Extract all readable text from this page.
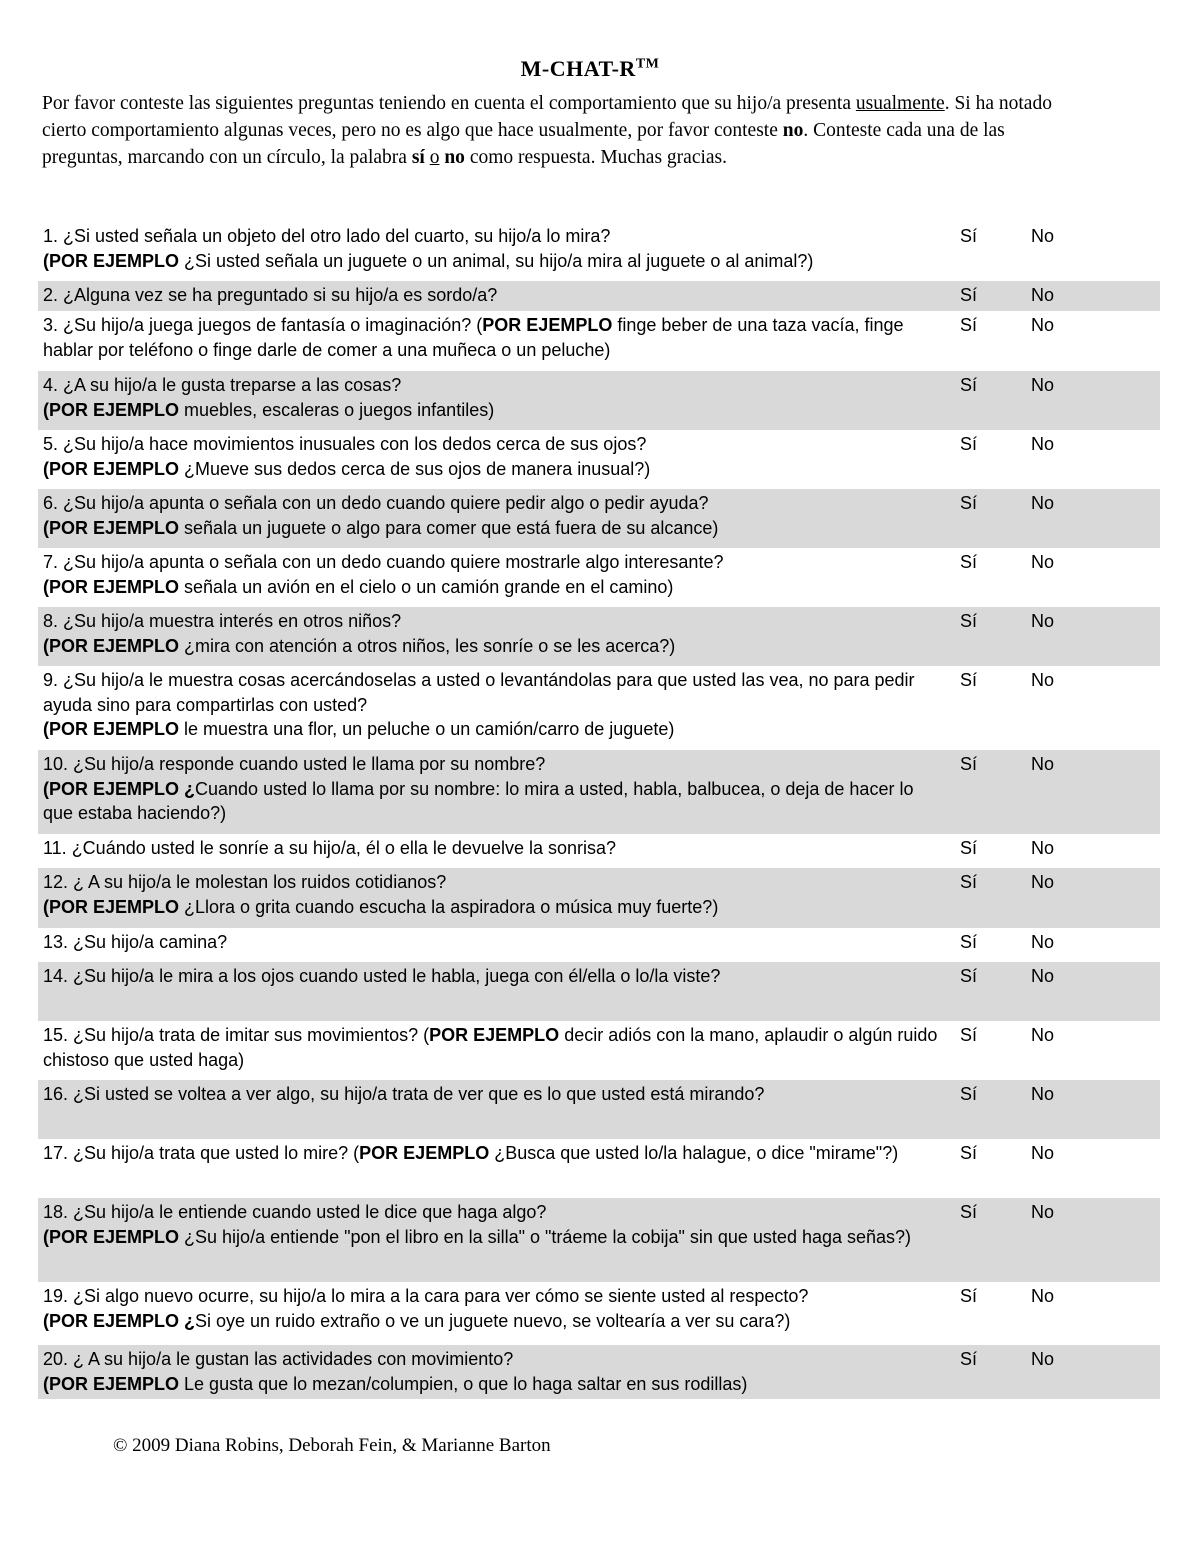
M-CHAT-R™
Por favor conteste las siguientes preguntas teniendo en cuenta el comportamiento que su hijo/a presenta usualmente. Si ha notado cierto comportamiento algunas veces, pero no es algo que hace usualmente, por favor conteste no. Conteste cada una de las preguntas, marcando con un círculo, la palabra sí o no como respuesta. Muchas gracias.
1. ¿Si usted señala un objeto del otro lado del cuarto, su hijo/a lo mira?
(POR EJEMPLO ¿Si usted señala un juguete o un animal, su hijo/a mira al juguete o al animal?)
Sí	No
2. ¿Alguna vez se ha preguntado si su hijo/a es sordo/a?	Sí	No
3. ¿Su hijo/a juega juegos de fantasía o imaginación? (POR EJEMPLO finge beber de una taza vacía, finge hablar por teléfono o finge darle de comer a una muñeca o un peluche)
Sí	No
4. ¿A su hijo/a le gusta treparse a las cosas?
(POR EJEMPLO muebles, escaleras o juegos infantiles)
Sí	No
5. ¿Su hijo/a hace movimientos inusuales con los dedos cerca de sus ojos?
(POR EJEMPLO ¿Mueve sus dedos cerca de sus ojos de manera inusual?)
Sí	No
6. ¿Su hijo/a apunta o señala con un dedo cuando quiere pedir algo o pedir ayuda?
(POR EJEMPLO señala un juguete o algo para comer que está fuera de su alcance)
Sí	No
7. ¿Su hijo/a apunta o señala con un dedo cuando quiere mostrarle algo interesante?
(POR EJEMPLO señala un avión en el cielo o un camión grande en el camino)
Sí	No
8. ¿Su hijo/a muestra interés en otros niños?
(POR EJEMPLO ¿mira con atención a otros niños, les sonríe o se les acerca?)
Sí	No
9. ¿Su hijo/a le muestra cosas acercándoselas a usted o levantándolas para que usted las vea, no para pedir ayuda sino para compartirlas con usted?
(POR EJEMPLO le muestra una flor, un peluche o un camión/carro de juguete)
Sí	No
10. ¿Su hijo/a responde cuando usted le llama por su nombre?
(POR EJEMPLO ¿Cuando usted lo llama por su nombre: lo mira a usted, habla, balbucea, o deja de hacer lo que estaba haciendo?)
Sí	No
11. ¿Cuándo usted le sonríe a su hijo/a, él o ella le devuelve la sonrisa?	Sí	No
12. ¿ A su hijo/a le molestan los ruidos cotidianos?
(POR EJEMPLO ¿Llora o grita cuando escucha la aspiradora o música muy fuerte?)
Sí	No
13. ¿Su hijo/a camina?	Sí	No
14. ¿Su hijo/a le mira a los ojos cuando usted le habla, juega con él/ella o lo/la viste?	Sí	No
15. ¿Su hijo/a trata de imitar sus movimientos? (POR EJEMPLO decir adiós con la mano, aplaudir o algún ruido chistoso que usted haga)
Sí	No
16. ¿Si usted se voltea a ver algo, su hijo/a trata de ver que es lo que usted está mirando?	Sí	No
17. ¿Su hijo/a trata que usted lo mire? (POR EJEMPLO ¿Busca que usted lo/la halague, o dice "mirame"?)	Sí	No
18. ¿Su hijo/a le entiende cuando usted le dice que haga algo?
(POR EJEMPLO ¿Su hijo/a entiende "pon el libro en la silla" o "tráeme la cobija" sin que usted haga señas?)
Sí	No
19. ¿Si algo nuevo ocurre, su hijo/a lo mira a la cara para ver cómo se siente usted al respecto?
(POR EJEMPLO ¿Si oye un ruido extraño o ve un juguete nuevo, se voltearía a ver su cara?)
Sí	No
20. ¿ A su hijo/a le gustan las actividades con movimiento?
(POR EJEMPLO Le gusta que lo mezan/columpien, o que lo haga saltar en sus rodillas)
Sí	No
© 2009 Diana Robins, Deborah Fein, & Marianne Barton
